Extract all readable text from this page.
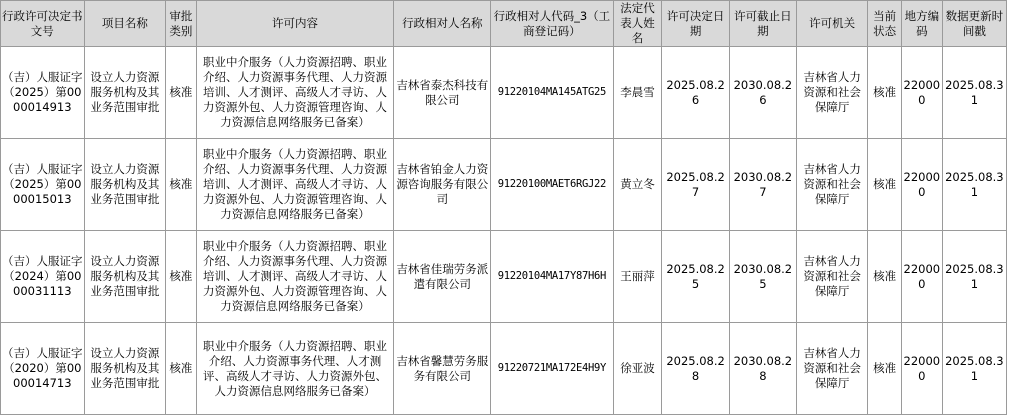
行政许可决定书文号	项目名称	审批类别	许可内容	行政相对人名称	行政相对人代码_3（工商登记码）	法定代表人姓名	许可决定日期	许可截止日期	许可机关	当前状态	地方编码	数据更新时间戳
（吉）人服证字（2025）第0000014913	设立人力资源服务机构及其业务范围审批	核准	职业中介服务（人力资源招聘、职业介绍、人力资源事务代理、人力资源培训、人才测评、高级人才寻访、人力资源外包、人力资源管理咨询、人力资源信息网络服务已备案）	吉林省泰杰科技有限公司	91220104MA145ATG25	李晨雪	2025.08.26	2030.08.26	吉林省人力资源和社会保障厅	核准	220000	2025.08.31
（吉）人服证字（2025）第0000015013	设立人力资源服务机构及其业务范围审批	核准	职业中介服务（人力资源招聘、职业介绍、人力资源事务代理、人力资源培训、人才测评、高级人才寻访、人力资源外包、人力资源管理咨询、人力资源信息网络服务已备案）	吉林省铂金人力资源咨询服务有限公司	91220100MAET6RGJ22	黄立冬	2025.08.27	2030.08.27	吉林省人力资源和社会保障厅	核准	220000	2025.08.31
（吉）人服证字（2024）第0000031113	设立人力资源服务机构及其业务范围审批	核准	职业中介服务（人力资源招聘、职业介绍、人力资源事务代理、人力资源培训、人才测评、高级人才寻访、人力资源外包、人力资源管理咨询、人力资源信息网络服务已备案）	吉林省佳瑞劳务派遣有限公司	91220104MA17Y87H6H	王丽萍	2025.08.25	2030.08.25	吉林省人力资源和社会保障厅	核准	220000	2025.08.31
（吉）人服证字（2020）第0000014713	设立人力资源服务机构及其业务范围审批	核准	职业中介服务（人力资源招聘、职业介绍、人力资源事务代理、人才测评、高级人才寻访、人力资源外包、人力资源信息网络服务已备案）	吉林省馨慧劳务服务有限公司	91220721MA172E4H9Y	徐亚波	2025.08.28	2030.08.28	吉林省人力资源和社会保障厅	核准	220000	2025.08.31
